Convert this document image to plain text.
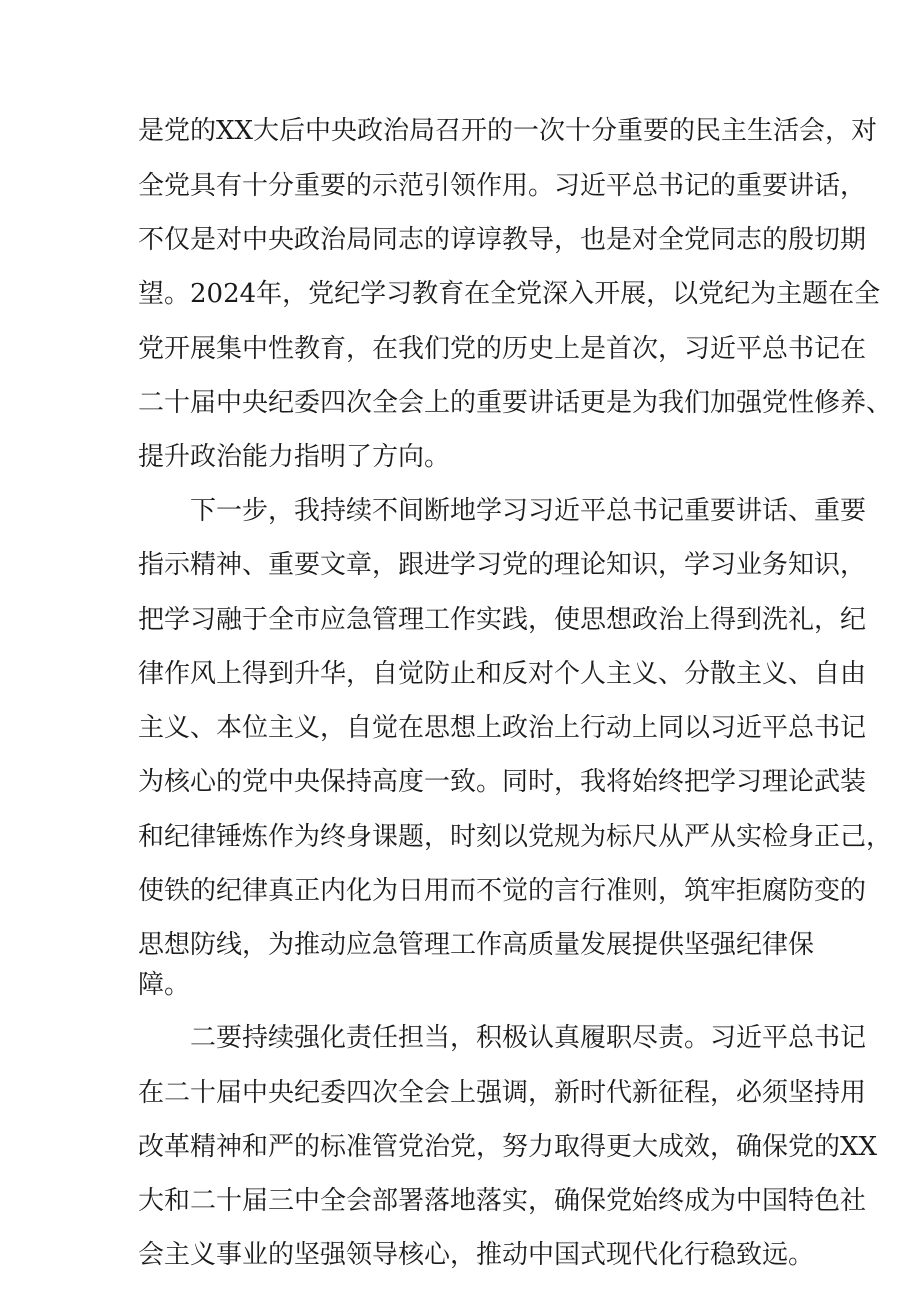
是党的XX大后中央政治局召开的一次十分重要的民主生活会，对
全党具有十分重要的示范引领作用。习近平总书记的重要讲话，
不仅是对中央政治局同志的谆谆教导，也是对全党同志的殷切期
望。2024年，党纪学习教育在全党深入开展，以党纪为主题在全
党开展集中性教育，在我们党的历史上是首次，习近平总书记在
二十届中央纪委四次全会上的重要讲话更是为我们加强党性修养、
提升政治能力指明了方向。
下一步，我持续不间断地学习习近平总书记重要讲话、重要
指示精神、重要文章，跟进学习党的理论知识，学习业务知识，
把学习融于全市应急管理工作实践，使思想政治上得到洗礼，纪
律作风上得到升华，自觉防止和反对个人主义、分散主义、自由
主义、本位主义，自觉在思想上政治上行动上同以习近平总书记
为核心的党中央保持高度一致。同时，我将始终把学习理论武装
和纪律锤炼作为终身课题，时刻以党规为标尺从严从实检身正己，
使铁的纪律真正内化为日用而不觉的言行准则，筑牢拒腐防变的
思想防线，为推动应急管理工作高质量发展提供坚强纪律保
障。
二要持续强化责任担当，积极认真履职尽责。习近平总书记
在二十届中央纪委四次全会上强调，新时代新征程，必须坚持用
改革精神和严的标准管党治党，努力取得更大成效，确保党的XX
大和二十届三中全会部署落地落实，确保党始终成为中国特色社
会主义事业的坚强领导核心，推动中国式现代化行稳致远。
